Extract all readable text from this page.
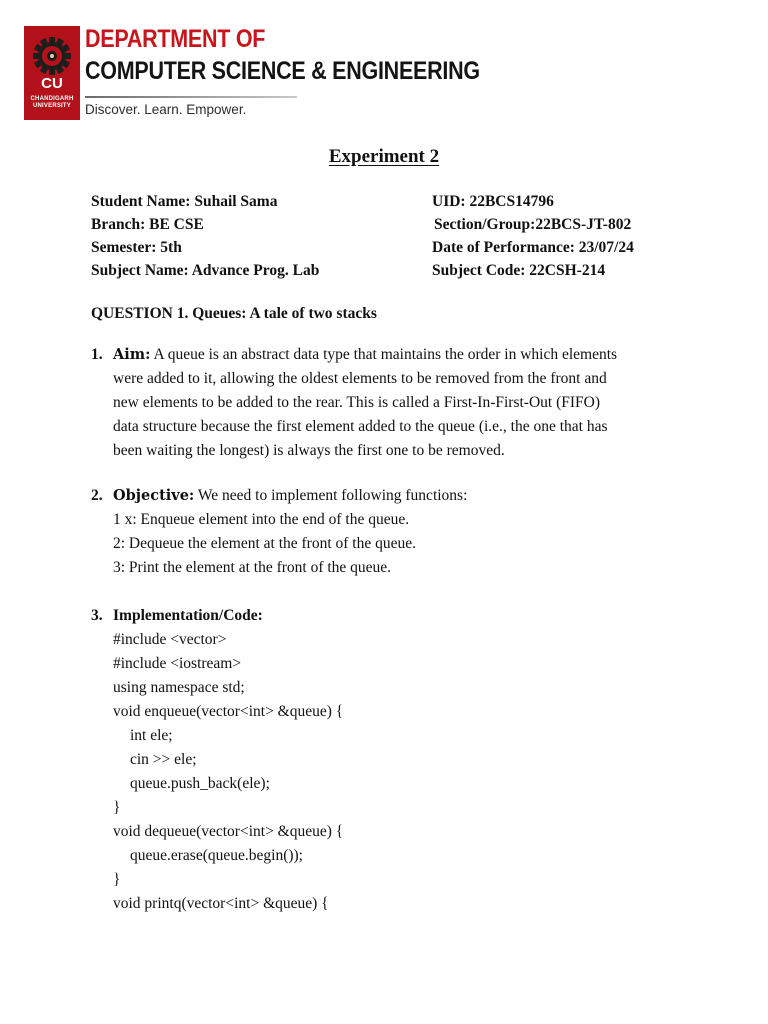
CU
CHANDIGARH
UNIVERSITY
DEPARTMENT OF
COMPUTER SCIENCE & ENGINEERING
Discover. Learn. Empower.
Experiment 2
Student Name: Suhail Sama
Branch: BE CSE
Semester: 5th
Subject Name: Advance Prog. Lab
UID: 22BCS14796
Section/Group:22BCS-JT-802
Date of Performance: 23/07/24
Subject Code: 22CSH-214
QUESTION 1. Queues: A tale of two stacks
1. Aim: A queue is an abstract data type that maintains the order in which elements
were added to it, allowing the oldest elements to be removed from the front and
new elements to be added to the rear. This is called a First-In-First-Out (FIFO)
data structure because the first element added to the queue (i.e., the one that has
been waiting the longest) is always the first one to be removed.
2. Objective: We need to implement following functions:
1 x: Enqueue element into the end of the queue.
2: Dequeue the element at the front of the queue.
3: Print the element at the front of the queue.
3. Implementation/Code:
#include <vector>
#include <iostream>
using namespace std;
void enqueue(vector<int> &queue) {
int ele;
cin >> ele;
queue.push_back(ele);
}
void dequeue(vector<int> &queue) {
queue.erase(queue.begin());
}
void printq(vector<int> &queue) {
